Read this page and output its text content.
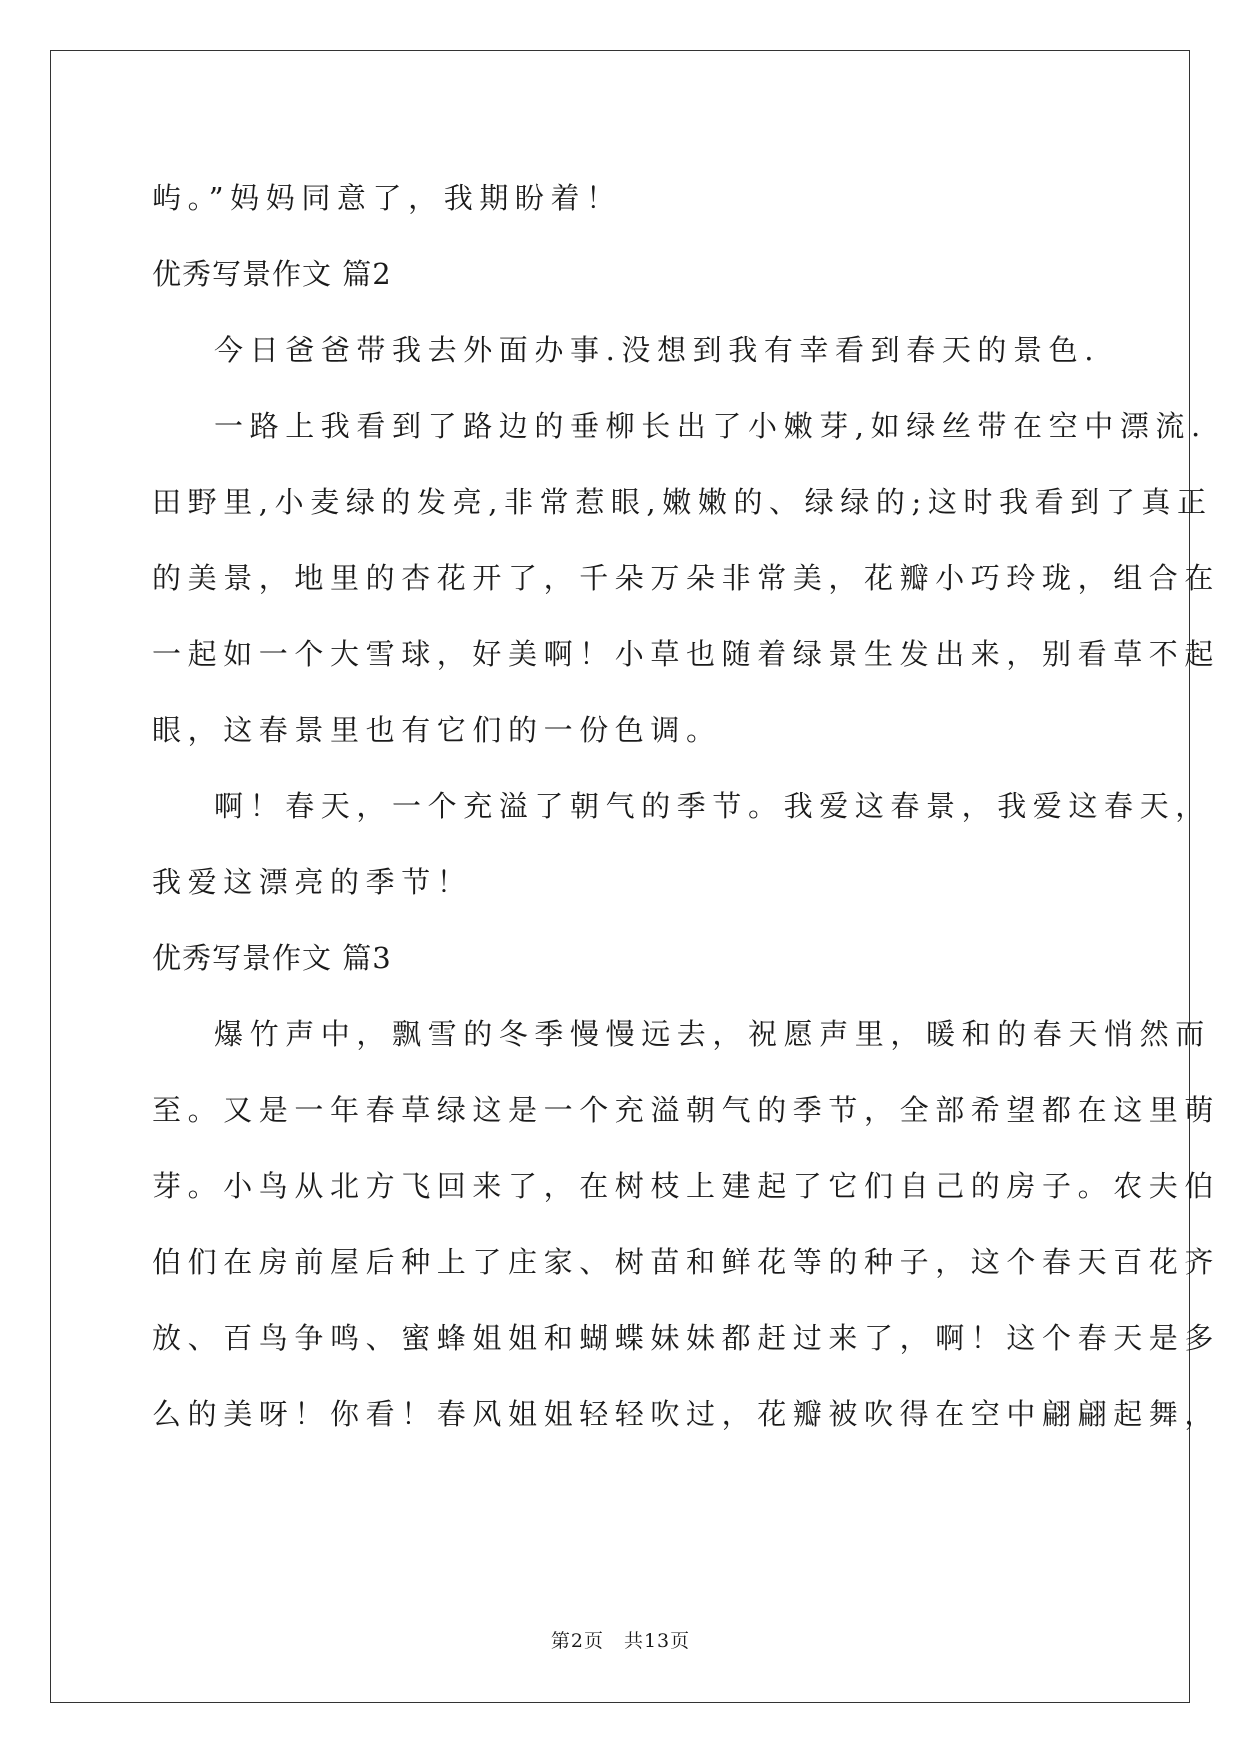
屿。”妈妈同意了，我期盼着！
优秀写景作文 篇2
今日爸爸带我去外面办事.没想到我有幸看到春天的景色.
一路上我看到了路边的垂柳长出了小嫩芽,如绿丝带在空中漂流.
田野里,小麦绿的发亮,非常惹眼,嫩嫩的、绿绿的;这时我看到了真正
的美景，地里的杏花开了，千朵万朵非常美，花瓣小巧玲珑，组合在
一起如一个大雪球，好美啊！小草也随着绿景生发出来，别看草不起
眼，这春景里也有它们的一份色调。
啊！春天，一个充溢了朝气的季节。我爱这春景，我爱这春天，
我爱这漂亮的季节！
优秀写景作文 篇3
爆竹声中，飘雪的冬季慢慢远去，祝愿声里，暖和的春天悄然而
至。又是一年春草绿这是一个充溢朝气的季节，全部希望都在这里萌
芽。小鸟从北方飞回来了，在树枝上建起了它们自己的房子。农夫伯
伯们在房前屋后种上了庄家、树苗和鲜花等的种子，这个春天百花齐
放、百鸟争鸣、蜜蜂姐姐和蝴蝶妹妹都赶过来了，啊！这个春天是多
么的美呀！你看！春风姐姐轻轻吹过，花瓣被吹得在空中翩翩起舞，
第2页　共13页
